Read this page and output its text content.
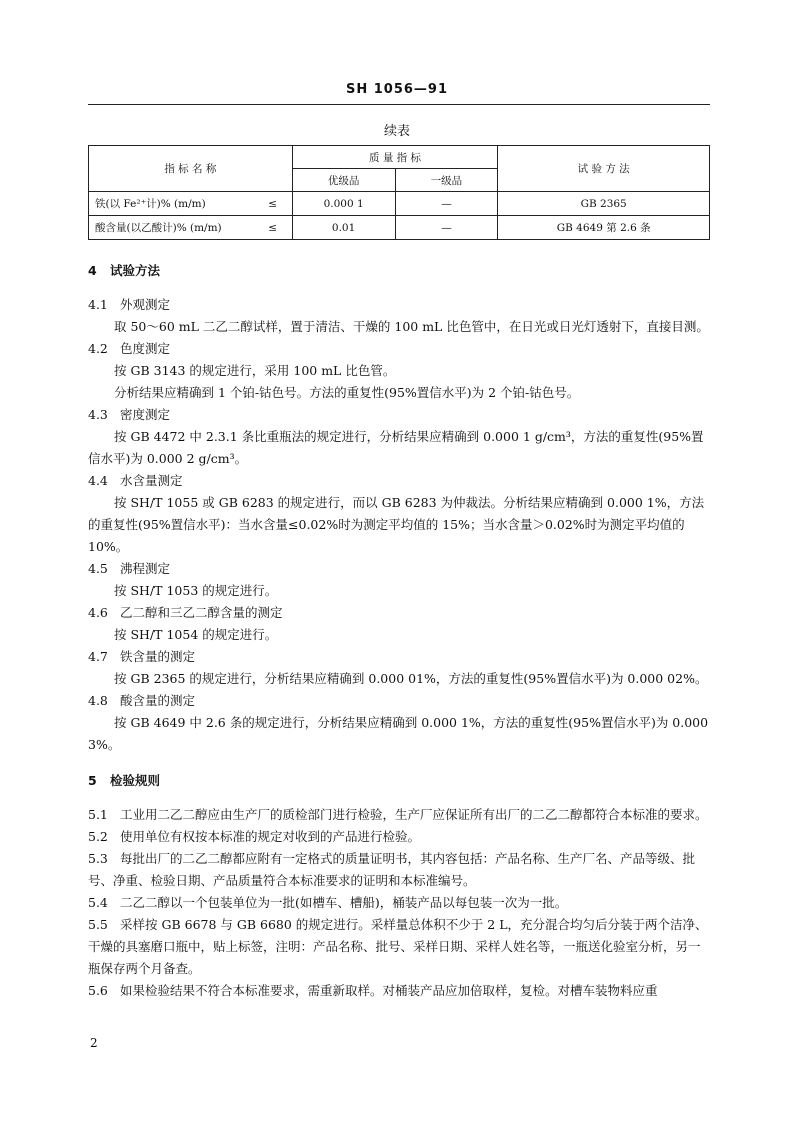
SH 1056—91
续表
指 标 名 称		质 量 指 标		试 验 方 法
		优级品	一级品	
铁(以 Fe²⁺计)% (m/m)	≤	0.000 1	—	GB 2365
酸含量(以乙酸计)% (m/m)	≤	0.01	—	GB 4649 第 2.6 条

4 试验方法

4.1 外观测定

取 50～60 mL 二乙二醇试样，置于清洁、干燥的 100 mL 比色管中，在日光或日光灯透射下，直接目测。

4.2 色度测定

按 GB 3143 的规定进行，采用 100 mL 比色管。

分析结果应精确到 1 个铂-钴色号。方法的重复性(95%置信水平)为 2 个铂-钴色号。

4.3 密度测定

按 GB 4472 中 2.3.1 条比重瓶法的规定进行，分析结果应精确到 0.000 1 g/cm³，方法的重复性(95%置信水平)为 0.000 2 g/cm³。

4.4 水含量测定

按 SH/T 1055 或 GB 6283 的规定进行，而以 GB 6283 为仲裁法。分析结果应精确到 0.000 1%，方法的重复性(95%置信水平)：当水含量≤0.02%时为测定平均值的 15%；当水含量＞0.02%时为测定平均值的 10%。

4.5 沸程测定

按 SH/T 1053 的规定进行。

4.6 乙二醇和三乙二醇含量的测定

按 SH/T 1054 的规定进行。

4.7 铁含量的测定

按 GB 2365 的规定进行，分析结果应精确到 0.000 01%，方法的重复性(95%置信水平)为 0.000 02%。

4.8 酸含量的测定

按 GB 4649 中 2.6 条的规定进行，分析结果应精确到 0.000 1%，方法的重复性(95%置信水平)为 0.000 3%。

5 检验规则

5.1 工业用二乙二醇应由生产厂的质检部门进行检验，生产厂应保证所有出厂的二乙二醇都符合本标准的要求。

5.2 使用单位有权按本标准的规定对收到的产品进行检验。

5.3 每批出厂的二乙二醇都应附有一定格式的质量证明书，其内容包括：产品名称、生产厂名、产品等级、批号、净重、检验日期、产品质量符合本标准要求的证明和本标准编号。

5.4 二乙二醇以一个包装单位为一批(如槽车、槽船)，桶装产品以每包装一次为一批。

5.5 采样按 GB 6678 与 GB 6680 的规定进行。采样量总体积不少于 2 L，充分混合均匀后分装于两个洁净、干燥的具塞磨口瓶中，贴上标签，注明：产品名称、批号、采样日期、采样人姓名等，一瓶送化验室分析，另一瓶保存两个月备查。

5.6 如果检验结果不符合本标准要求，需重新取样。对桶装产品应加倍取样，复检。对槽车装物料应重

2
